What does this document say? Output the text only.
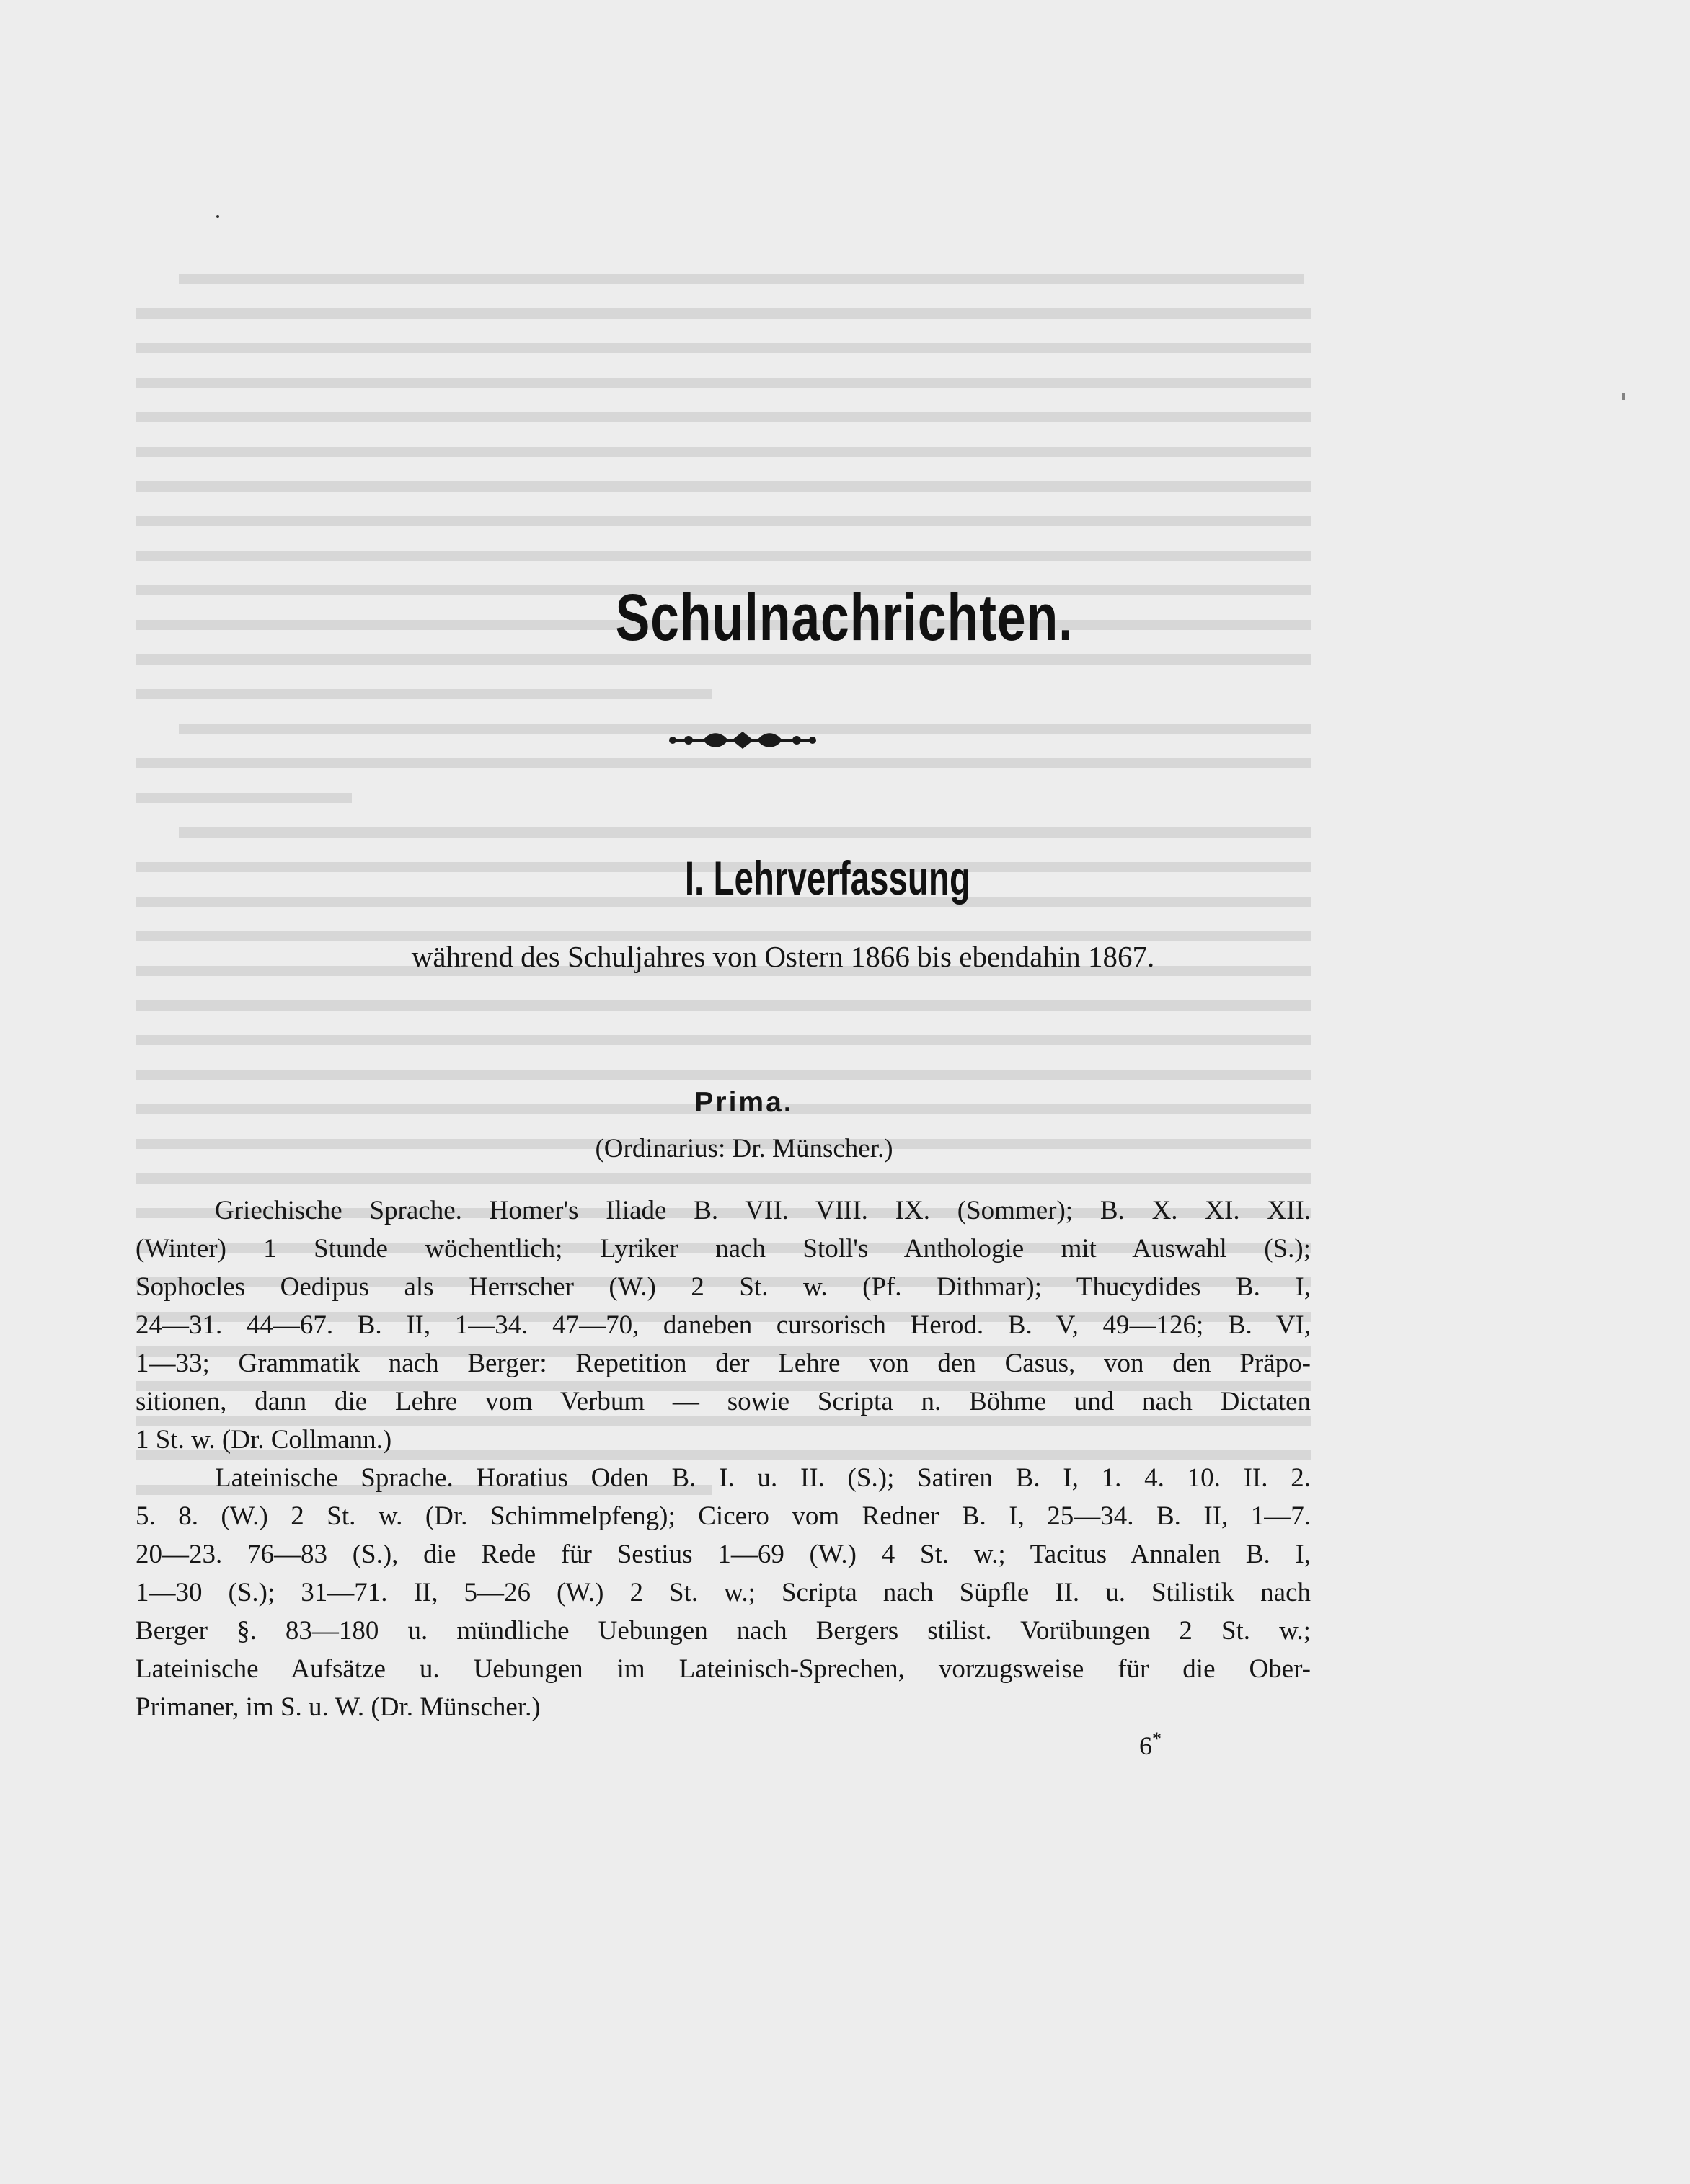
Schulnachrichten.
I. Lehrverfassung
während des Schuljahres von Ostern 1866 bis ebendahin 1867.
Prima.
(Ordinarius: Dr. Münscher.)

Griechische Sprache. Homer's Iliade B. VII. VIII. IX. (Sommer); B. X. XI. XII.
(Winter) 1 Stunde wöchentlich; Lyriker nach Stoll's Anthologie mit Auswahl (S.);
Sophocles Oedipus als Herrscher (W.) 2 St. w. (Pf. Dithmar); Thucydides B. I,
24—31. 44—67. B. II, 1—34. 47—70, daneben cursorisch Herod. B. V, 49—126; B. VI,
1—33; Grammatik nach Berger: Repetition der Lehre von den Casus, von den Präpo-
sitionen, dann die Lehre vom Verbum — sowie Scripta n. Böhme und nach Dictaten
1 St. w. (Dr. Collmann.)

Lateinische Sprache. Horatius Oden B. I. u. II. (S.); Satiren B. I, 1. 4. 10. II. 2.
5. 8. (W.) 2 St. w. (Dr. Schimmelpfeng); Cicero vom Redner B. I, 25—34. B. II, 1—7.
20—23. 76—83 (S.), die Rede für Sestius 1—69 (W.) 4 St. w.; Tacitus Annalen B. I,
1—30 (S.); 31—71. II, 5—26 (W.) 2 St. w.; Scripta nach Süpfle II. u. Stilistik nach
Berger §. 83—180 u. mündliche Uebungen nach Bergers stilist. Vorübungen 2 St. w.;
Lateinische Aufsätze u. Uebungen im Lateinisch-Sprechen, vorzugsweise für die Ober-
Primaner, im S. u. W. (Dr. Münscher.)

6*
